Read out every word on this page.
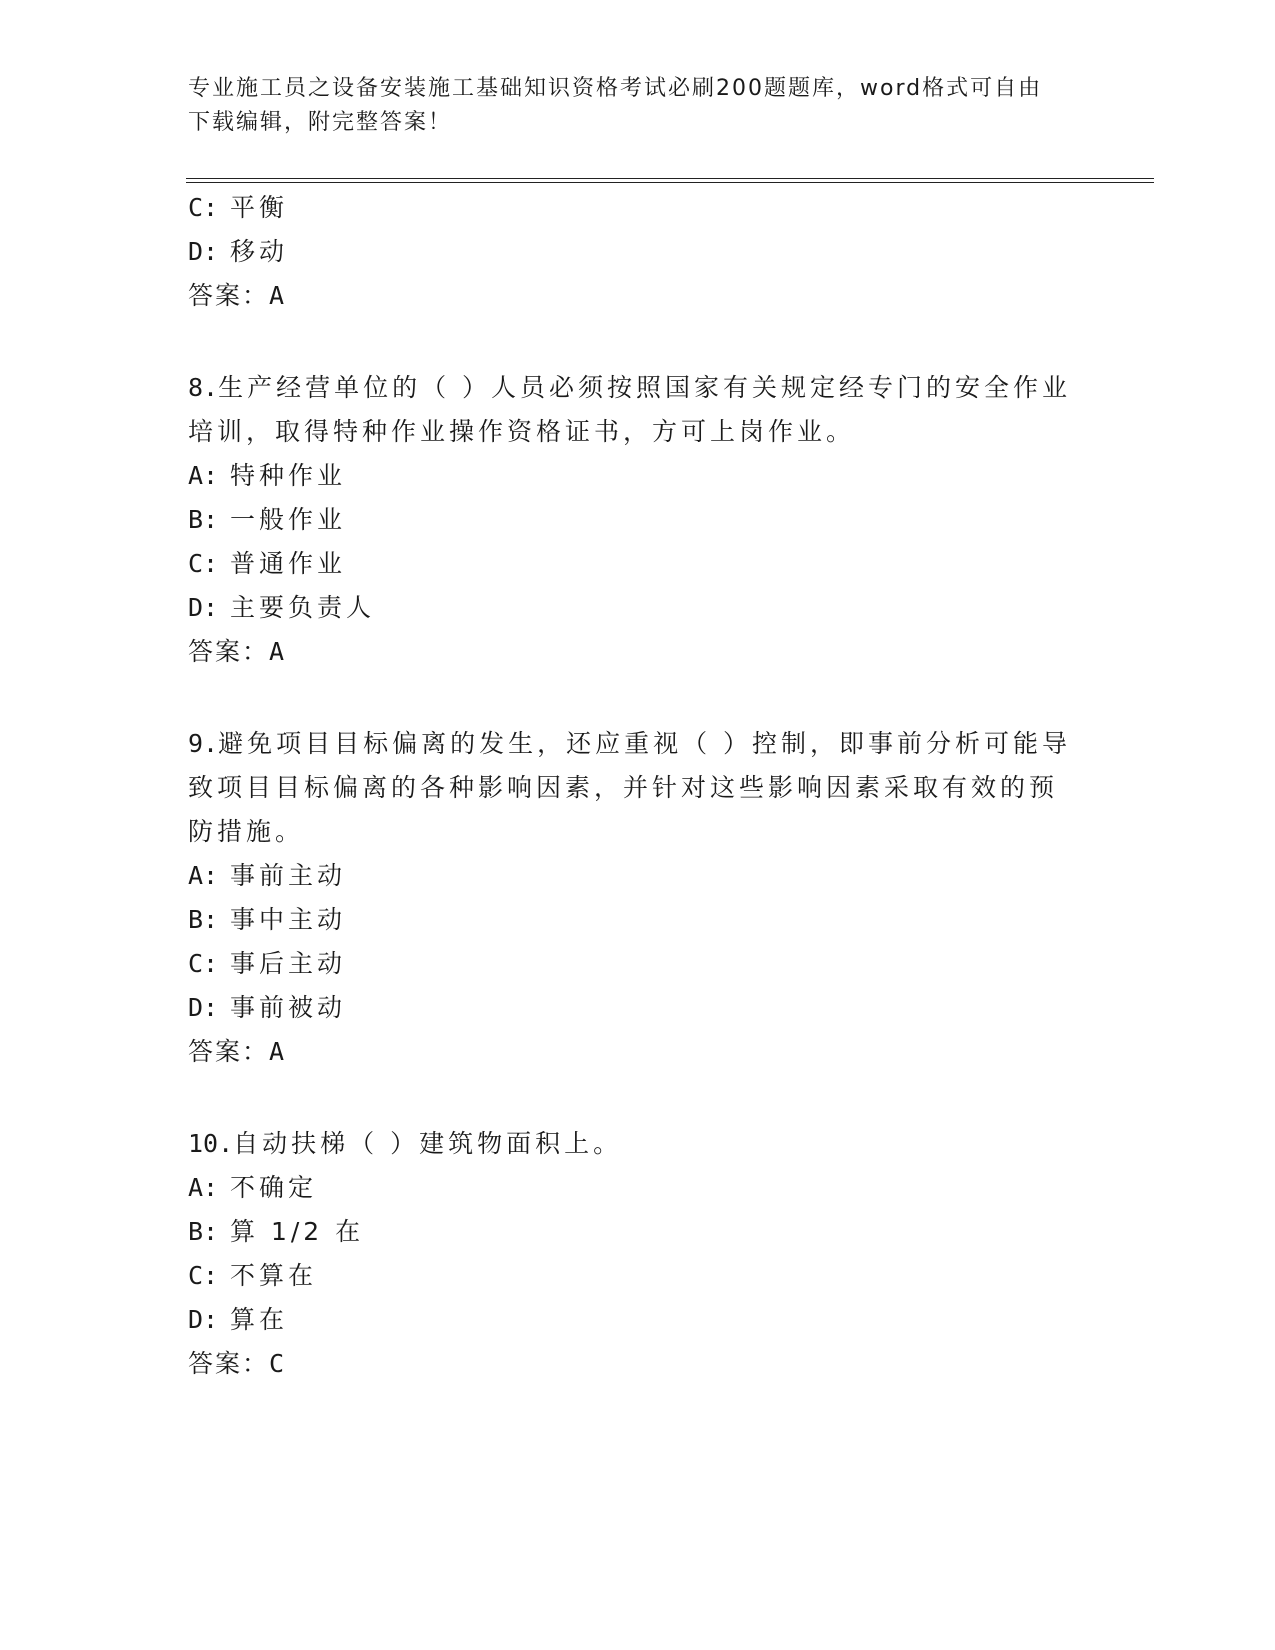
专业施工员之设备安装施工基础知识资格考试必刷200题题库，word格式可自由
下载编辑，附完整答案！
C: 平衡
D: 移动
答案：A
8.生产经营单位的（ ）人员必须按照国家有关规定经专门的安全作业
培训，取得特种作业操作资格证书，方可上岗作业。
A: 特种作业
B: 一般作业
C: 普通作业
D: 主要负责人
答案：A
9.避免项目目标偏离的发生，还应重视（ ）控制，即事前分析可能导
致项目目标偏离的各种影响因素，并针对这些影响因素采取有效的预
防措施。
A: 事前主动
B: 事中主动
C: 事后主动
D: 事前被动
答案：A
10.自动扶梯（ ）建筑物面积上。
A: 不确定
B: 算 1/2 在
C: 不算在
D: 算在
答案：C
